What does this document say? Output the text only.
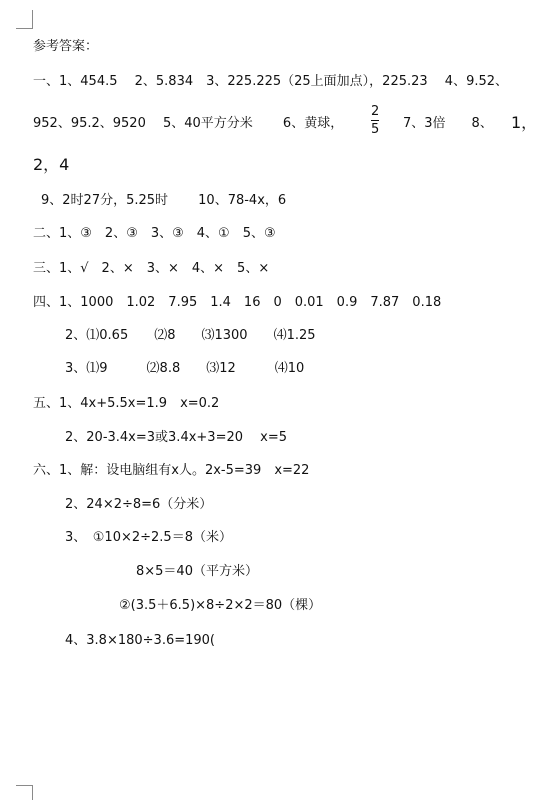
参考答案：
一、1、454.5　 2、5.834　3、225.225（25上面加点），225.23　 4、9.52、
952、95.2、9520　 5、40平方分米　　 6、黄球，
2
5 7、3倍　　8、 1，
2，4
9、2时27分，5.25时　　 10、78-4x，6
二、1、③　2、③　3、③　4、①　5、③
三、1、√　2、×　3、×　4、×　5、×
四、1、1000　1.02　7.95　1.4　16　0　0.01　0.9　7.87　0.18
2、⑴0.65　　⑵8　　⑶1300　　⑷1.25
3、⑴9　　　⑵8.8　　⑶12　　　⑷10
五、1、4x+5.5x=1.9　x=0.2
2、20-3.4x=3或3.4x+3=20　 x=5
六、1、解：设电脑组有x人。2x-5=39　x=22
2、24×2÷8=6（分米）
3、　①10×2÷2.5＝8（米）
8×5＝40（平方米）
②(3.5＋6.5)×8÷2×2＝80（棵）
4、3.8×180÷3.6=190(
